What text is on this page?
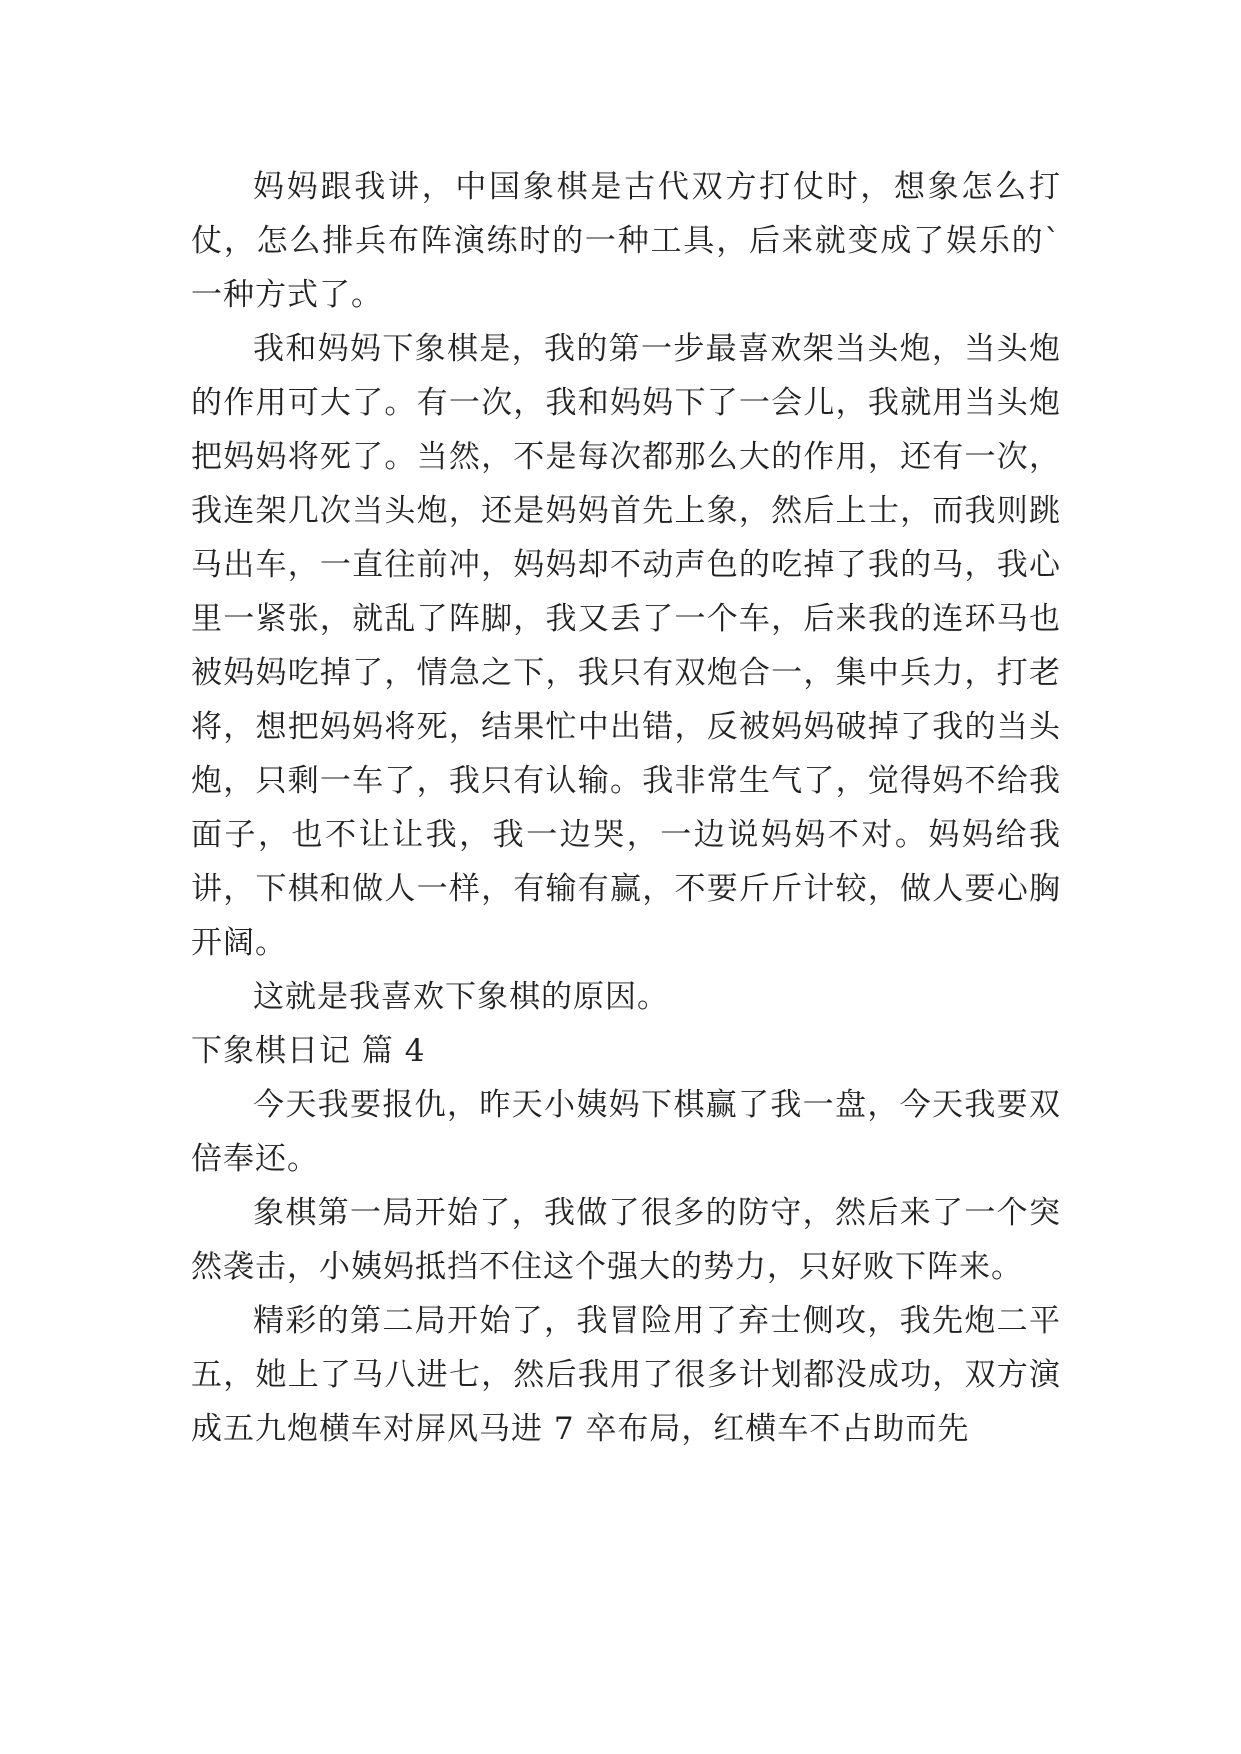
妈妈跟我讲，中国象棋是古代双方打仗时，想象怎么打仗，怎么排兵布阵演练时的一种工具，后来就变成了娱乐的`一种方式了。

我和妈妈下象棋是，我的第一步最喜欢架当头炮，当头炮的作用可大了。有一次，我和妈妈下了一会儿，我就用当头炮把妈妈将死了。当然，不是每次都那么大的作用，还有一次，我连架几次当头炮，还是妈妈首先上象，然后上士，而我则跳马出车，一直往前冲，妈妈却不动声色的吃掉了我的马，我心里一紧张，就乱了阵脚，我又丢了一个车，后来我的连环马也被妈妈吃掉了，情急之下，我只有双炮合一，集中兵力，打老将，想把妈妈将死，结果忙中出错，反被妈妈破掉了我的当头炮，只剩一车了，我只有认输。我非常生气了，觉得妈不给我面子，也不让让我，我一边哭，一边说妈妈不对。妈妈给我讲，下棋和做人一样，有输有赢，不要斤斤计较，做人要心胸开阔。

这就是我喜欢下象棋的原因。

下象棋日记 篇 4

今天我要报仇，昨天小姨妈下棋赢了我一盘，今天我要双倍奉还。

象棋第一局开始了，我做了很多的防守，然后来了一个突然袭击，小姨妈抵挡不住这个强大的势力，只好败下阵来。

精彩的第二局开始了，我冒险用了弃士侧攻，我先炮二平五，她上了马八进七，然后我用了很多计划都没成功，双方演成五九炮横车对屏风马进 7 卒布局，红横车不占助而先
